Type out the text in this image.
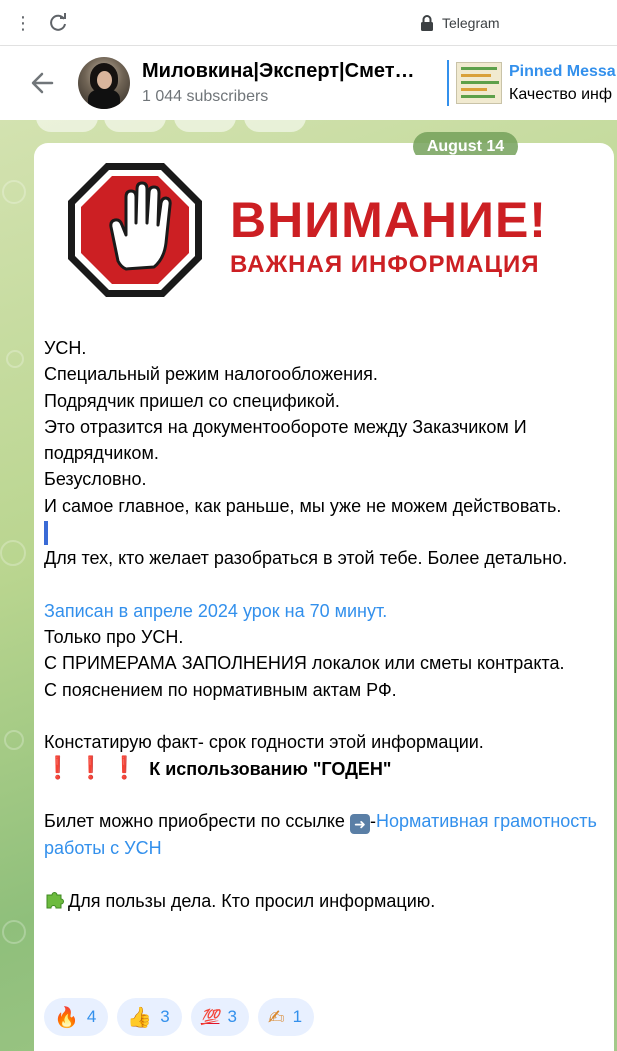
⋮	Telegram
Миловкина|Эксперт|Смет…
1 044 subscribers
Pinned Messa
Качество инф
August 14
ВНИМАНИЕ!
ВАЖНАЯ ИНФОРМАЦИЯ

УСН.

Специальный режим налогообложения.

Подрядчик пришел со спецификой.

Это отразится на документообороте между Заказчиком И подрядчиком.

Безусловно.

И самое главное, как раньше, мы уже не можем действовать.

Для тех, кто желает разобраться в этой тебе. Более детально.

Записан в апреле 2024 урок на 70 минут.

Только про УСН.

С ПРИМЕРАМА ЗАПОЛНЕНИЯ локалок или сметы контракта.

С пояснением по нормативным актам РФ.

Констатирую факт- срок годности этой информации.

❗❗❗ К использованию "ГОДЕН"

Билет можно приобрести по ссылке ➜ -Нормативная грамотность работы с УСН

Для пользы дела. Кто просил информацию.

🔥 4 👍 3 💯 3 ✍ 1
